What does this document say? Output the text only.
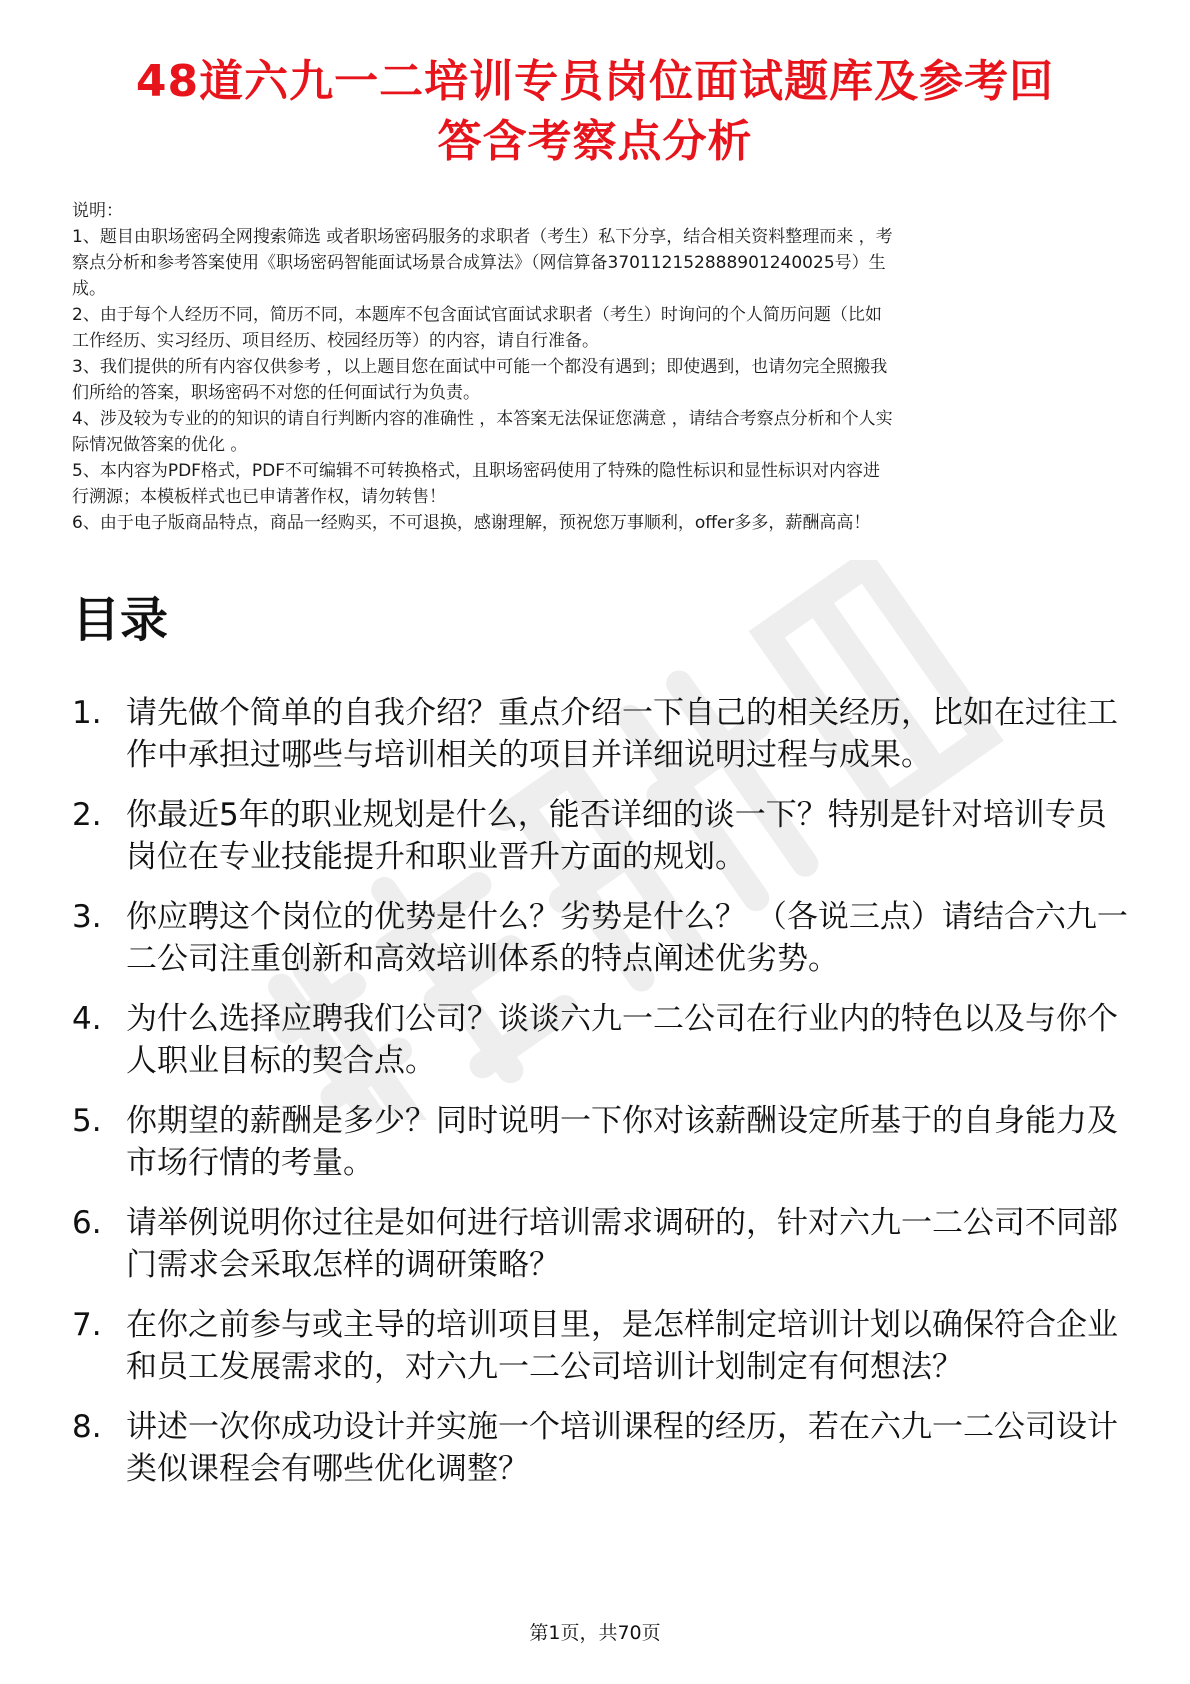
48道六九一二培训专员岗位面试题库及参考回
答含考察点分析
说明：
1、题目由职场密码全网搜索筛选 或者职场密码服务的求职者（考生）私下分享，结合相关资料整理而来 ，考
察点分析和参考答案使用《职场密码智能面试场景合成算法》（网信算备370112152888901240025号）生
成。
2、由于每个人经历不同，简历不同，本题库不包含面试官面试求职者（考生）时询问的个人简历问题（比如
工作经历、实习经历、项目经历、校园经历等）的内容，请自行准备。
3、我们提供的所有内容仅供参考 ，以上题目您在面试中可能一个都没有遇到；即使遇到，也请勿完全照搬我
们所给的答案，职场密码不对您的任何面试行为负责。
4、涉及较为专业的的知识的请自行判断内容的准确性 ，本答案无法保证您满意 ，请结合考察点分析和个人实
际情况做答案的优化 。
5、本内容为PDF格式，PDF不可编辑不可转换格式，且职场密码使用了特殊的隐性标识和显性标识对内容进
行溯源；本模板样式也已申请著作权，请勿转售！
6、由于电子版商品特点，商品一经购买，不可退换，感谢理解，预祝您万事顺利，offer多多，薪酬高高！
目录
1. 请先做个简单的自我介绍？重点介绍一下自己的相关经历，比如在过往工作中承担过哪些与培训相关的项目并详细说明过程与成果。
2. 你最近5年的职业规划是什么，能否详细的谈一下？特别是针对培训专员岗位在专业技能提升和职业晋升方面的规划。
3. 你应聘这个岗位的优势是什么？劣势是什么？ （各说三点）请结合六九一二公司注重创新和高效培训体系的特点阐述优劣势。
4. 为什么选择应聘我们公司？谈谈六九一二公司在行业内的特色以及与你个人职业目标的契合点。
5. 你期望的薪酬是多少？同时说明一下你对该薪酬设定所基于的自身能力及市场行情的考量。
6. 请举例说明你过往是如何进行培训需求调研的，针对六九一二公司不同部门需求会采取怎样的调研策略？
7. 在你之前参与或主导的培训项目里，是怎样制定培训计划以确保符合企业和员工发展需求的，对六九一二公司培训计划制定有何想法？
8. 讲述一次你成功设计并实施一个培训课程的经历，若在六九一二公司设计类似课程会有哪些优化调整？
第1页，共70页
